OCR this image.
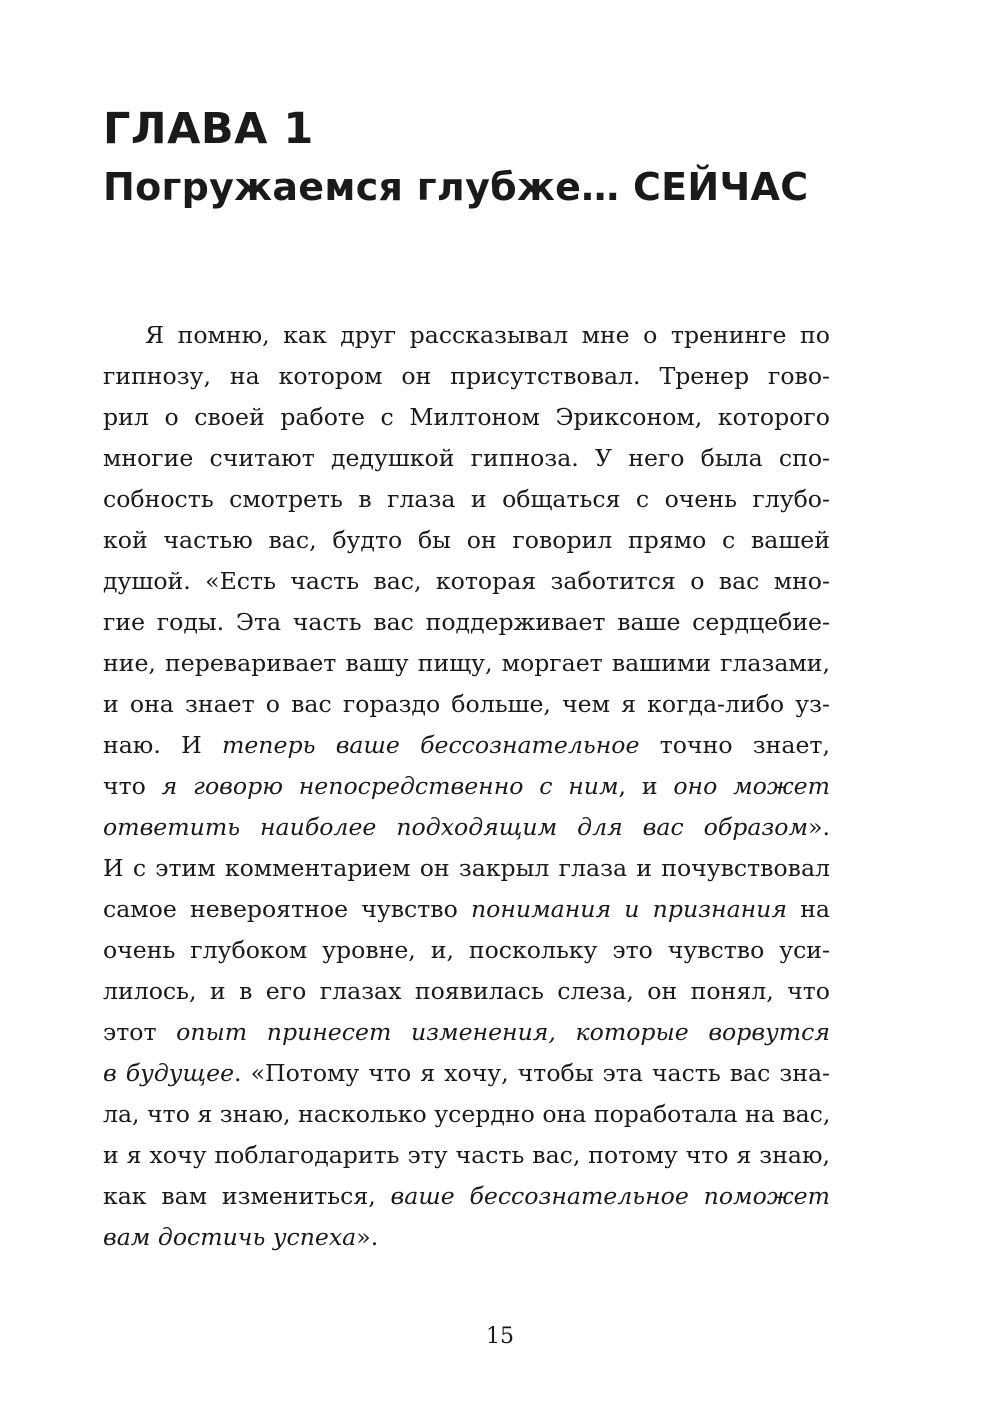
ГЛАВА 1
Погружаемся глубже… СЕЙЧАС
Я помню, как друг рассказывал мне о тренинге по
гипнозу, на котором он присутствовал. Тренер гово-
рил о своей работе с Милтоном Эриксоном, которого
многие считают дедушкой гипноза. У него была спо-
собность смотреть в глаза и общаться с очень глубо-
кой частью вас, будто бы он говорил прямо с вашей
душой. «Есть часть вас, которая заботится о вас мно-
гие годы. Эта часть вас поддерживает ваше сердцебие-
ние, переваривает вашу пищу, моргает вашими глазами,
и она знает о вас гораздо больше, чем я когда-либо уз-
наю. И теперь ваше бессознательное точно знает,
что я говорю непосредственно с ним, и оно может
ответить наиболее подходящим для вас образом».
И с этим комментарием он закрыл глаза и почувствовал
самое невероятное чувство понимания и признания на
очень глубоком уровне, и, поскольку это чувство уси-
лилось, и в его глазах появилась слеза, он понял, что
этот опыт принесет изменения, которые ворвутся
в будущее. «Потому что я хочу, чтобы эта часть вас зна-
ла, что я знаю, насколько усердно она поработала на вас,
и я хочу поблагодарить эту часть вас, потому что я знаю,
как вам измениться, ваше бессознательное поможет
вам достичь успеха».
15
